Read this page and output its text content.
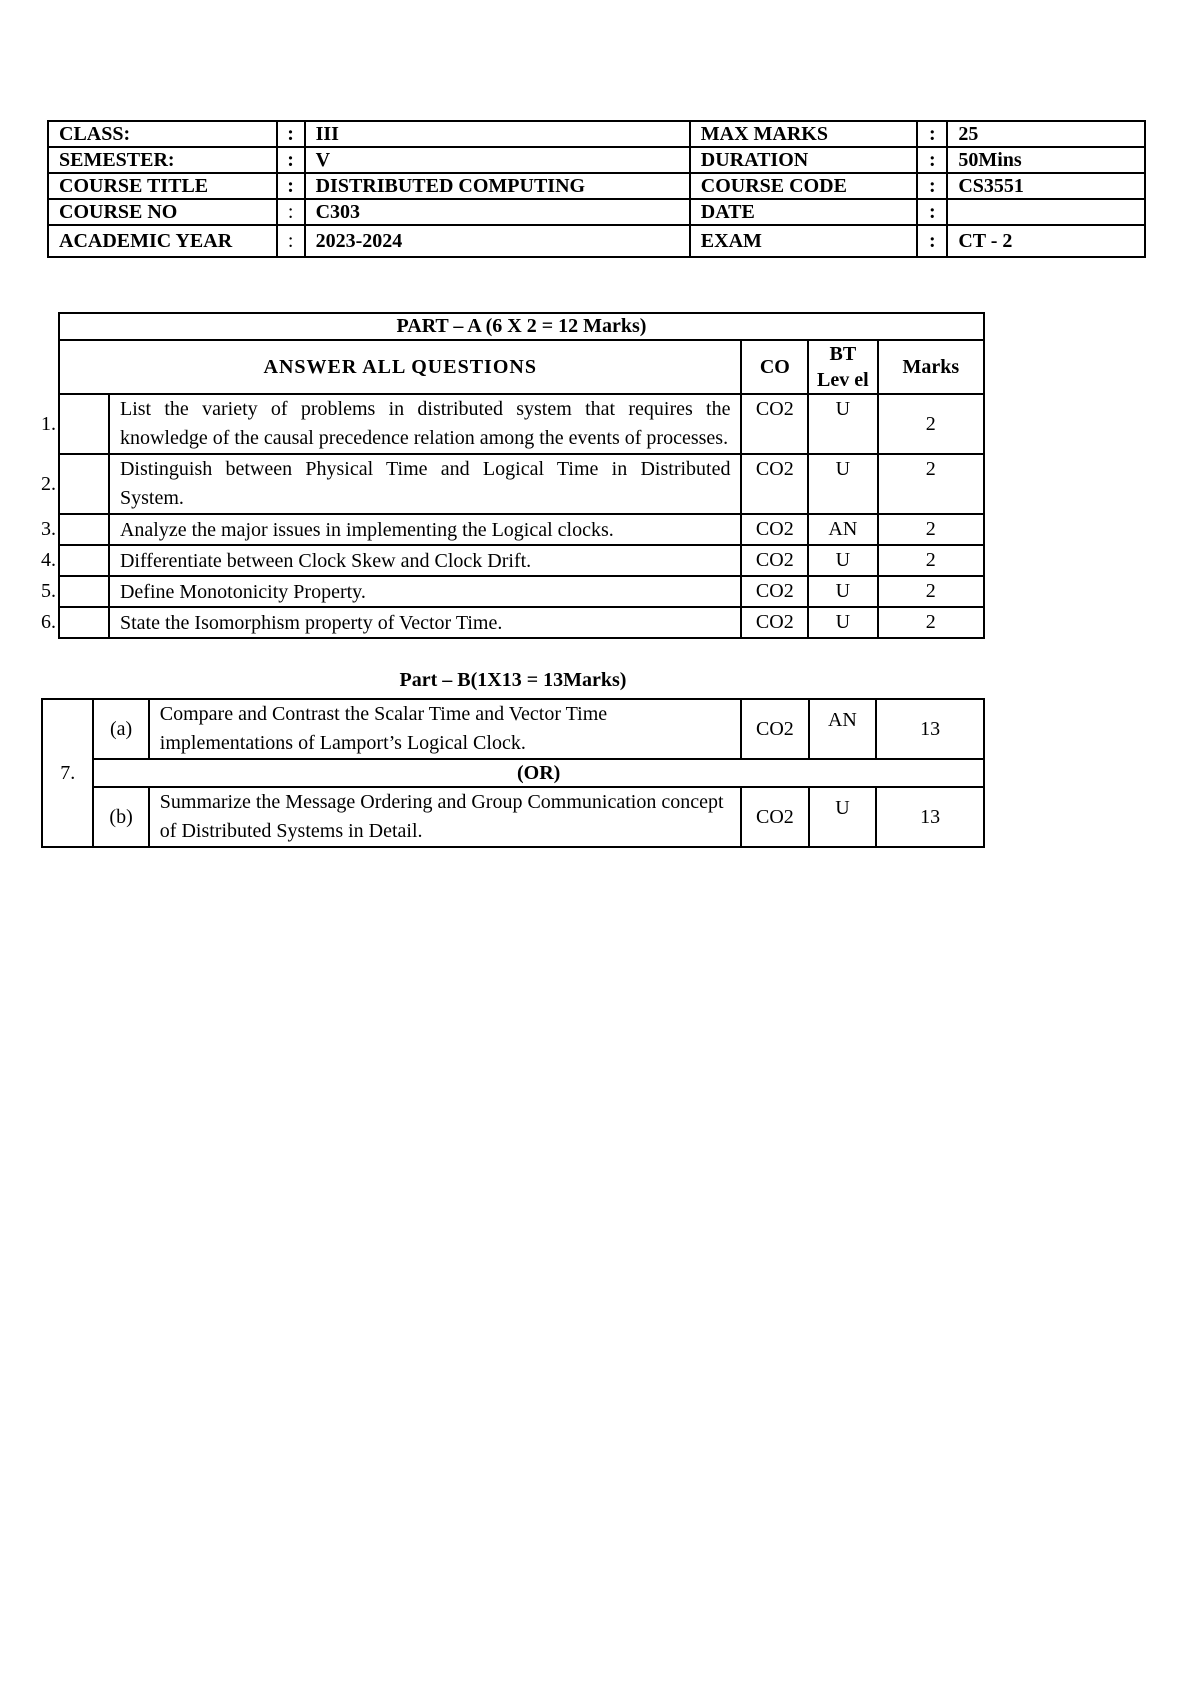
CLASS:	:	III	MAX MARKS	:	25
SEMESTER:	:	V	DURATION	:	50Mins
COURSE TITLE	:	DISTRIBUTED COMPUTING	COURSE CODE	:	CS3551
COURSE NO	:	C303	DATE	:	
ACADEMIC YEAR	:	2023-2024	EXAM	:	CT - 2
	PART – A (6 X 2 = 12 Marks)				
	ANSWER ALL QUESTIONS		CO	BT Lev el	Marks
1.		List the variety of problems in distributed system that requires the knowledge of the causal precedence relation among the events of processes.	CO2	U	2
2.		Distinguish between Physical Time and Logical Time in Distributed System.	CO2	U	2
3.		Analyze the major issues in implementing the Logical clocks.	CO2	AN	2
4.		Differentiate between Clock Skew and Clock Drift.	CO2	U	2
5.		Define Monotonicity Property.	CO2	U	2
6.		State the Isomorphism property of Vector Time.	CO2	U	2
Part – B(1X13 = 13Marks)
7.	(a)	Compare and Contrast the Scalar Time and Vector Time implementations of Lamport’s Logical Clock.	CO2	AN	13
	(OR)				
	(b)	Summarize the Message Ordering and Group Communication concept of Distributed Systems in Detail.	CO2	U	13
